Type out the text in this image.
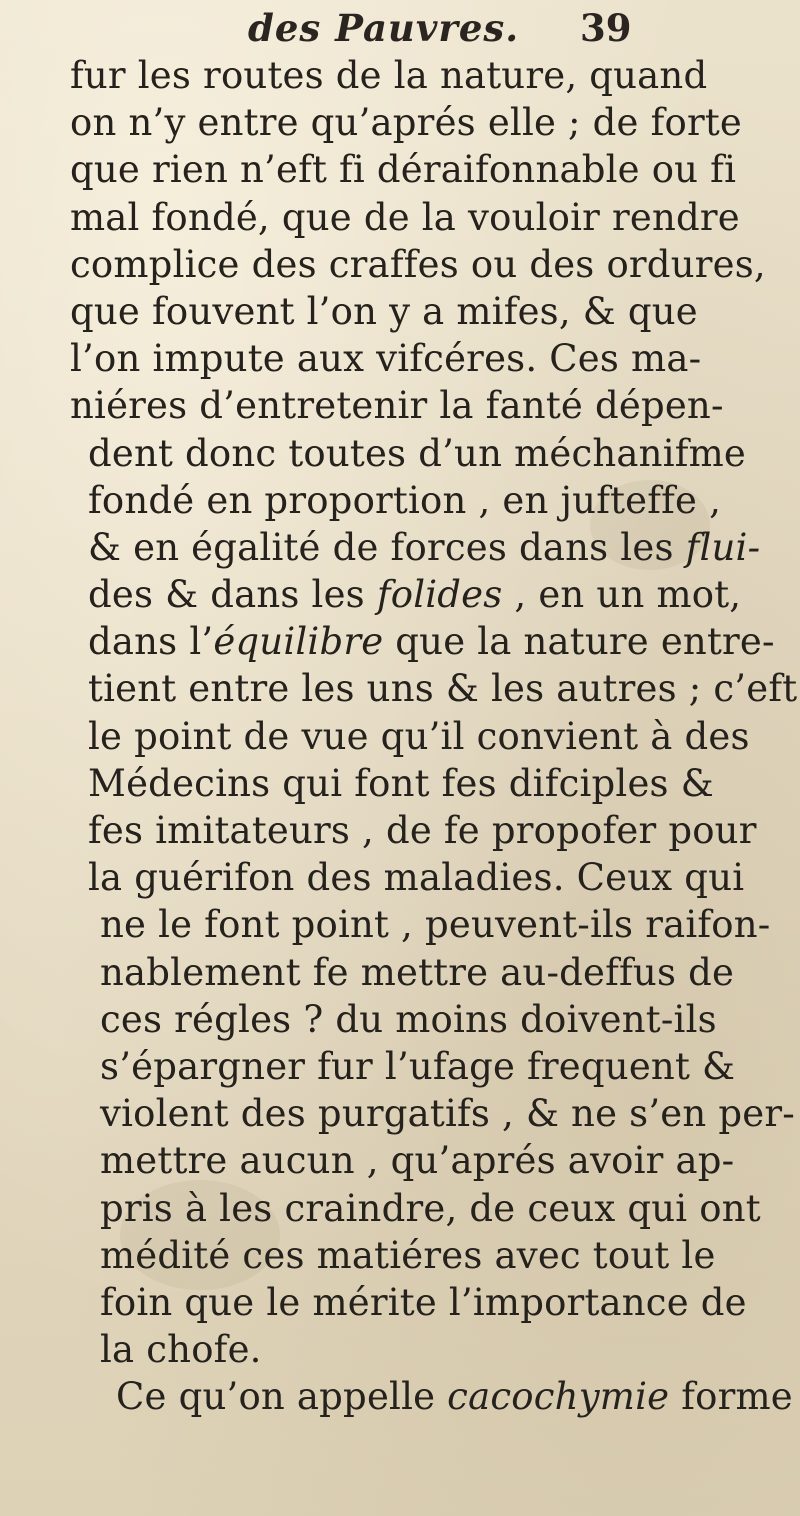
des Pauvres. 39
fur les routes de la nature, quand
on n’y entre qu’aprés elle ; de forte
que rien n’eft fi déraifonnable ou fi
mal fondé, que de la vouloir rendre
complice des craffes ou des ordures,
que fouvent l’on y a mifes, & que
l’on impute aux vifcéres. Ces ma-
niéres d’entretenir la fanté dépen-
dent donc toutes d’un méchanifme
fondé en proportion , en jufteffe ,
& en égalité de forces dans les flui-
des & dans les folides , en un mot,
dans l’équilibre que la nature entre-
tient entre les uns & les autres ; c’eft
le point de vue qu’il convient à des
Médecins qui font fes difciples &
fes imitateurs , de fe propofer pour
la guérifon des maladies. Ceux qui
ne le font point , peuvent-ils raifon-
nablement fe mettre au-deffus de
ces régles ? du moins doivent-ils
s’épargner fur l’ufage frequent &
violent des purgatifs , & ne s’en per-
mettre aucun , qu’aprés avoir ap-
pris à les craindre, de ceux qui ont
médité ces matiéres avec tout le
foin que le mérite l’importance de
la chofe.
Ce qu’on appelle cacochymie forme
